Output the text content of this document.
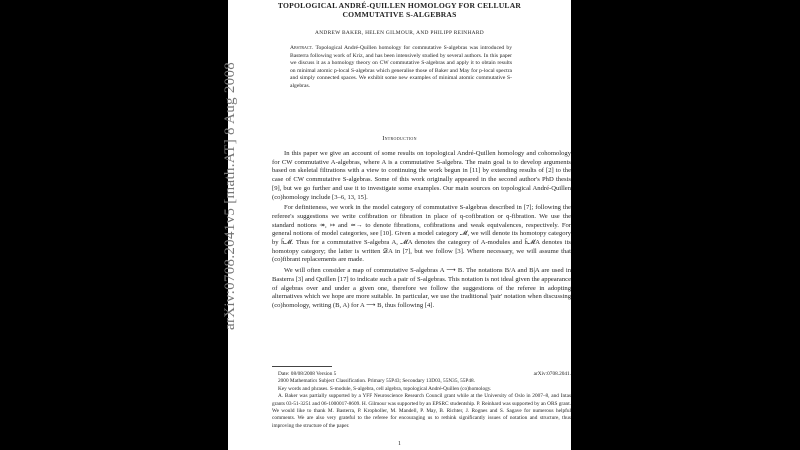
TOPOLOGICAL ANDRÉ-QUILLEN HOMOLOGY FOR CELLULAR
COMMUTATIVE S-ALGEBRAS
ANDREW BAKER, HELEN GILMOUR, AND PHILIPP REINHARD
Abstract. Topological André-Quillen homology for commutative S-algebras was introduced by Basterra following work of Kriz, and has been intensively studied by several authors. In this paper we discuss it as a homology theory on CW commutative S-algebras and apply it to obtain results on minimal atomic p-local S-algebras which generalise those of Baker and May for p-local spectra and simply connected spaces. We exhibit some new examples of minimal atomic commutative S-algebras.
Introduction

In this paper we give an account of some results on topological André-Quillen homology and cohomology for CW commutative A-algebras, where A is a commutative S-algebra. The main goal is to develop arguments based on skeletal filtrations with a view to continuing the work begun in [11] by extending results of [2] to the case of CW commutative S-algebras. Some of this work originally appeared in the second author's PhD thesis [9], but we go further and use it to investigate some examples. Our main sources on topological André-Quillen (co)homology include [3–6, 13, 15].

For definiteness, we work in the model category of commutative S-algebras described in [7]; following the referee's suggestions we write cofibration or fibration in place of q-cofibration or q-fibration. We use the standard notions ↠, ↣ and ≃→ to denote fibrations, cofibrations and weak equivalences, respectively. For general notions of model categories, see [10]. Given a model category 𝓜, we will denote its homotopy category by h̄𝓜. Thus for a commutative S-algebra A, 𝓜A denotes the category of A-modules and h̄𝓜A denotes its homotopy category; the latter is written 𝒟A in [7], but we follow [3]. Where necessary, we will assume that (co)fibrant replacements are made.

We will often consider a map of commutative S-algebras A ⟶ B. The notations B/A and B|A are used in Basterra [3] and Quillen [17] to indicate such a pair of S-algebras. This notation is not ideal given the appearance of algebras over and under a given one, therefore we follow the suggestions of the referee in adopting alternatives which we hope are more suitable. In particular, we use the traditional 'pair' notation when discussing (co)homology, writing (B, A) for A ⟶ B, thus following [4].

Date: 08/08/2008 Version 5	arXiv:0708.2041.

2000 Mathematics Subject Classification. Primary 55P43; Secondary 13D03, 55N35, 55P48.

Key words and phrases. S-module, S-algebra, cell algebra, topological André-Quillen (co)homology.

A. Baker was partially supported by a YFF Neuroscience Research Council grant while at the University of Oslo in 2007–8, and Intas grants 03-51-3251 and 06-1000017-8609. H. Gilmour was supported by an EPSRC studentship. P. Reinhard was supported by an ORS grant. We would like to thank M. Basterra, P. Kropholler, M. Mandell, P. May, B. Richter, J. Rognes and S. Sagave for numerous helpful comments. We are also very grateful to the referee for encouraging us to rethink significantly issues of notation and structure, thus improving the structure of the paper.

1
arXiv:0708.2041v5 [math.AT] 8 Aug 2008
